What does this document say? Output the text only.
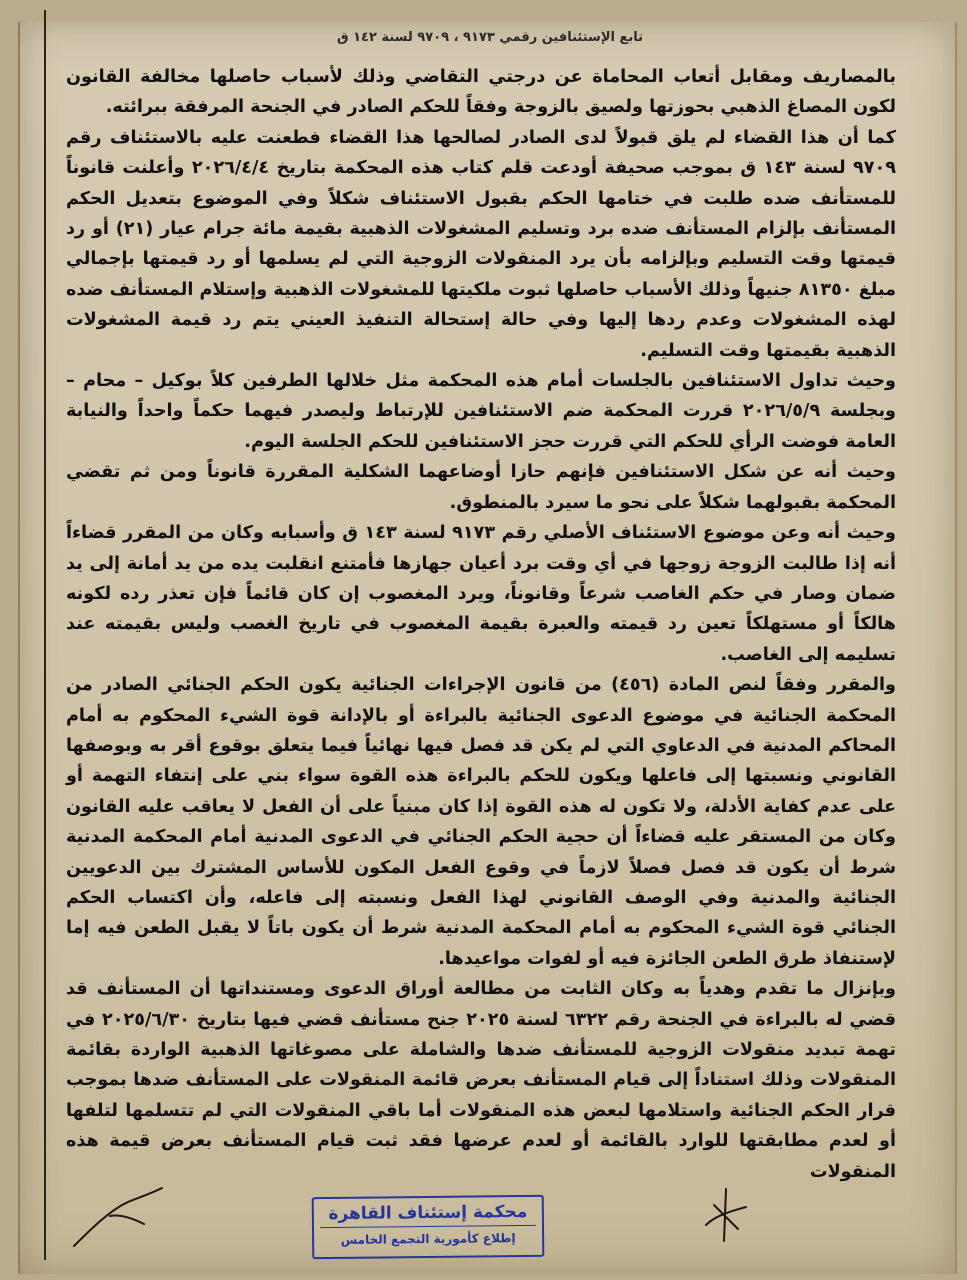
تابع الإستئنافين رقمي ٩١٧٣ ، ٩٧٠٩ لسنة ١٤٢ ق

بالمصاريف ومقابل أتعاب المحاماة عن درجتي التقاضي وذلك لأسباب حاصلها مخالفة القانون لكون المصاغ الذهبي بحوزتها ولصيق بالزوجة وفقاً للحكم الصادر في الجنحة المرفقة ببرائته.

كما أن هذا القضاء لم يلق قبولاً لدى الصادر لصالحها هذا القضاء فطعنت عليه بالاستئناف رقم ٩٧٠٩ لسنة ١٤٣ ق بموجب صحيفة أودعت قلم كتاب هذه المحكمة بتاريخ ٢٠٢٦/٤/٤ وأعلنت قانوناً للمستأنف ضده طلبت في ختامها الحكم بقبول الاستئناف شكلاً وفي الموضوع بتعديل الحكم المستأنف بإلزام المستأنف ضده برد وتسليم المشغولات الذهبية بقيمة مائة جرام عيار (٢١) أو رد قيمتها وقت التسليم وبإلزامه بأن يرد المنقولات الزوجية التي لم يسلمها أو رد قيمتها بإجمالي مبلغ ٨١٣٥٠ جنيهاً وذلك الأسباب حاصلها ثبوت ملكيتها للمشغولات الذهبية وإستلام المستأنف ضده لهذه المشغولات وعدم ردها إليها وفي حالة إستحالة التنفيذ العيني يتم رد قيمة المشغولات الذهبية بقيمتها وقت التسليم.

وحيث تداول الاستئنافين بالجلسات أمام هذه المحكمة مثل خلالها الطرفين كلاً بوكيل – محام – وبجلسة ٢٠٢٦/٥/٩ قررت المحكمة ضم الاستئنافين للإرتباط وليصدر فيهما حكماً واحداً والنيابة العامة فوضت الرأي للحكم التي قررت حجز الاستئنافين للحكم الجلسة اليوم.

وحيث أنه عن شكل الاستئنافين فإنهم حازا أوضاعهما الشكلية المقررة قانوناً ومن ثم تقضي المحكمة بقبولهما شكلاً على نحو ما سيرد بالمنطوق.

وحيث أنه وعن موضوع الاستئناف الأصلي رقم ٩١٧٣ لسنة ١٤٣ ق وأسبابه وكان من المقرر قضاءاً أنه إذا طالبت الزوجة زوجها في أي وقت برد أعيان جهازها فأمتنع انقلبت يده من يد أمانة إلى يد ضمان وصار في حكم الغاصب شرعاً وقانوناً، ويرد المغصوب إن كان قائماً فإن تعذر رده لكونه هالكاً أو مستهلكاً تعين رد قيمته والعبرة بقيمة المغصوب في تاريخ الغصب وليس بقيمته عند تسليمه إلى الغاصب.

والمقرر وفقاً لنص المادة (٤٥٦) من قانون الإجراءات الجنائية يكون الحكم الجنائي الصادر من المحكمة الجنائية في موضوع الدعوى الجنائية بالبراءة أو بالإدانة قوة الشيء المحكوم به أمام المحاكم المدنية في الدعاوي التي لم يكن قد فصل فيها نهائياً فيما يتعلق بوقوع أقر به وبوصفها القانوني ونسبتها إلى فاعلها ويكون للحكم بالبراءة هذه القوة سواء بني على إنتفاء التهمة أو على عدم كفاية الأدلة، ولا تكون له هذه القوة إذا كان مبنياً على أن الفعل لا يعاقب عليه القانون وكان من المستقر عليه قضاءاً أن حجية الحكم الجنائي في الدعوى المدنية أمام المحكمة المدنية شرط أن يكون قد فصل فصلاً لازماً في وقوع الفعل المكون للأساس المشترك بين الدعويين الجنائية والمدنية وفي الوصف القانوني لهذا الفعل ونسبته إلى فاعله، وأن اكتساب الحكم الجنائي قوة الشيء المحكوم به أمام المحكمة المدنية شرط أن يكون باتاً لا يقبل الطعن فيه إما لإستنفاذ طرق الطعن الجائزة فيه أو لفوات مواعيدها.

وبإنزال ما تقدم وهدياً به وكان الثابت من مطالعة أوراق الدعوى ومستنداتها أن المستأنف قد قضي له بالبراءة في الجنحة رقم ٦٣٢٢ لسنة ٢٠٢٥ جنح مستأنف قضي فيها بتاريخ ٢٠٢٥/٦/٣٠ في تهمة تبديد منقولات الزوجية للمستأنف ضدها والشاملة على مصوغاتها الذهبية الواردة بقائمة المنقولات وذلك استناداً إلى قيام المستأنف بعرض قائمة المنقولات على المستأنف ضدها بموجب قرار الحكم الجنائية واستلامها لبعض هذه المنقولات أما باقي المنقولات التي لم تتسلمها لتلفها أو لعدم مطابقتها للوارد بالقائمة أو لعدم عرضها فقد ثبت قيام المستأنف بعرض قيمة هذه المنقولات

محكمة إستئناف القاهرة
إطلاع كأمورية التجمع الخامس
